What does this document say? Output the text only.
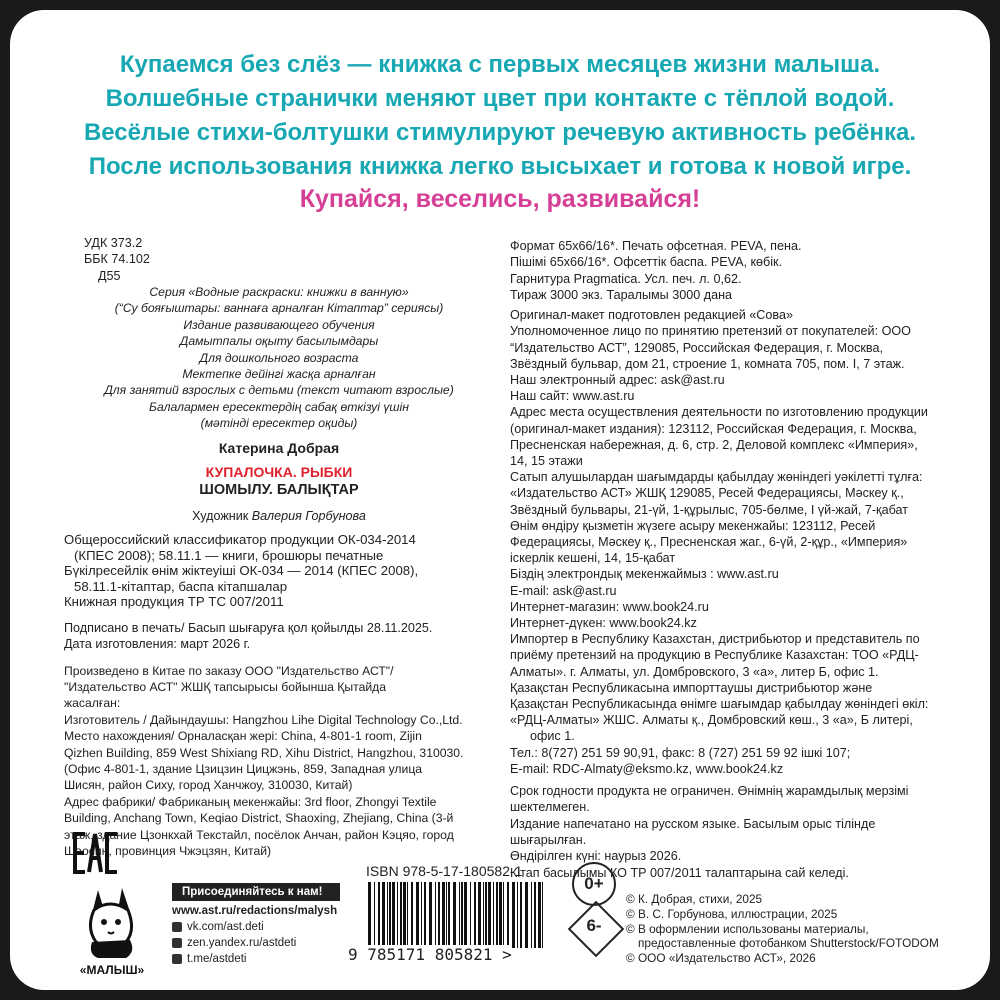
Купаемся без слёз — книжка с первых месяцев жизни малыша.
Волшебные странички меняют цвет при контакте с тёплой водой.
Весёлые стихи-болтушки стимулируют речевую активность ребёнка.
После использования книжка легко высыхает и готова к новой игре.
Купайся, веселись, развивайся!
УДК 373.2
ББК 74.102
Д55
Серия «Водные раскраски: книжки в ванную»
(“Су бояғыштары: ваннаға арналған Кітаптар” сериясы)
Издание развивающего обучения
Дамытпалы оқыту басылымдары
Для дошкольного возраста
Мектепке дейінгі жасқа арналған
Для занятий взрослых с детьми (текст читают взрослые)
Балалармен ересектердің сабақ өткізуі үшін
(мәтінді ересектер оқиды)
Катерина Добрая
КУПАЛОЧКА. РЫБКИ
ШОМЫЛУ. БАЛЫҚТАР
Художник Валерия Горбунова
Общероссийский классификатор продукции ОК-034-2014
(КПЕС 2008); 58.11.1 — книги, брошюры печатные
Бүкілресейлік өнім жіктеуіші ОК-034 — 2014 (КПЕС 2008),
58.11.1-кітаптар, баспа кітапшалар
Книжная продукция ТР ТС 007/2011
Подписано в печать/ Басып шығаруға қол қойылды 28.11.2025.
Дата изготовления: март 2026 г.
Произведено в Китае по заказу ООО "Издательство АСТ"/
"Издательство АСТ" ЖШҚ тапсырысы бойынша Қытайда
жасалған:
Изготовитель / Дайындаушы: Hangzhou Lihe Digital Technology Co.,Ltd.
Место нахождения/ Орналасқан жері: China, 4-801-1 room, Zijin
Qizhen Building, 859 West Shixiang RD, Xihu District, Hangzhou, 310030.
(Офис 4-801-1, здание Цзицзин Цицжэнь, 859, Западная улица
Шисян, район Сиху, город Ханчжоу, 310030, Китай)
Адрес фабрики/ Фабриканың мекенжайы: 3rd floor, Zhongyi Textile
Building, Anchang Town, Keqiao District, Shaoxing, Zhejiang, China (3-й
этаж, здание Цзонкхай Текстайл, посёлок Анчан, район Кэцяо, город
Шаосин, провинция Чжэцзян, Китай)
Формат 65х66/16*. Печать офсетная. PEVA, пена.
Пішімі 65х66/16*. Офсеттік баспа. PEVA, көбік.
Гарнитура Pragmatica. Усл. печ. л. 0,62.
Тираж 3000 экз. Таралымы 3000 дана
Оригинал-макет подготовлен редакцией «Сова»
Уполномоченное лицо по принятию претензий от покупателей: ООО
“Издательство АСТ”, 129085, Российская Федерация, г. Москва,
Звёздный бульвар, дом 21, строение 1, комната 705, пом. I, 7 этаж.
Наш электронный адрес: ask@ast.ru
Наш сайт: www.ast.ru
Адрес места осуществления деятельности по изготовлению продукции
(оригинал-макет издания): 123112, Российская Федерация, г. Москва,
Пресненская набережная, д. 6, стр. 2, Деловой комплекс «Империя»,
14, 15 этажи
Сатып алушылардан шағымдарды қабылдау жөніндегі уәкілетті тұлға:
«Издательство АСТ» ЖШҚ 129085, Ресей Федерациясы, Мәскеу қ.,
Звёздный бульвары, 21-үй, 1-құрылыс, 705-бөлме, I үй-жай, 7-қабат
Өнім өндіру қызметін жүзеге асыру мекенжайы: 123112, Ресей
Федерациясы, Мәскеу қ., Пресненская жаг., 6-үй, 2-құр., «Империя»
іскерлік кешені, 14, 15-қабат
Біздің электрондық мекенжаймыз : www.ast.ru
E-mail: ask@ast.ru
Интернет-магазин: www.book24.ru
Интернет-дүкен: www.book24.kz
Импортер в Республику Казахстан, дистрибьютор и представитель по
приёму претензий на продукцию в Республике Казахстан: ТОО «РДЦ-
Алматы». г. Алматы, ул. Домбровского, 3 «а», литер Б, офис 1.
Қазақстан Республикасына импорттаушы дистрибьютор және
Қазақстан Республикасында өнімге шағымдар қабылдау жөніндегі өкіл:
«РДЦ-Алматы» ЖШС. Алматы қ., Домбровский көш., 3 «а», Б литері,
офис 1.
Тел.: 8(727) 251 59 90,91, факс: 8 (727) 251 59 92 ішкі 107;
E-mail: RDC-Almaty@eksmo.kz, www.book24.kz
Срок годности продукта не ограничен. Өнімнің жарамдылық мерзімі
шектелмеген.
Издание напечатано на русском языке. Басылым орыс тілінде
шығарылған.
Өндірілген күні: наурыз 2026.
Кітап басылымы КО ТР 007/2011 талаптарына сай келеді.
«МАЛЫШ»
Присоединяйтесь к нам!
www.ast.ru/redactions/malysh
vk.com/ast.deti
zen.yandex.ru/astdeti
t.me/astdeti
ISBN 978-5-17-180582-1
9 785171 805821 >
0+
6-
© К. Добрая, стихи, 2025
© В. С. Горбунова, иллюстрации, 2025
© В оформлении использованы материалы,
предоставленные фотобанком Shutterstock/FOTODOM
© ООО «Издательство АСТ», 2026
